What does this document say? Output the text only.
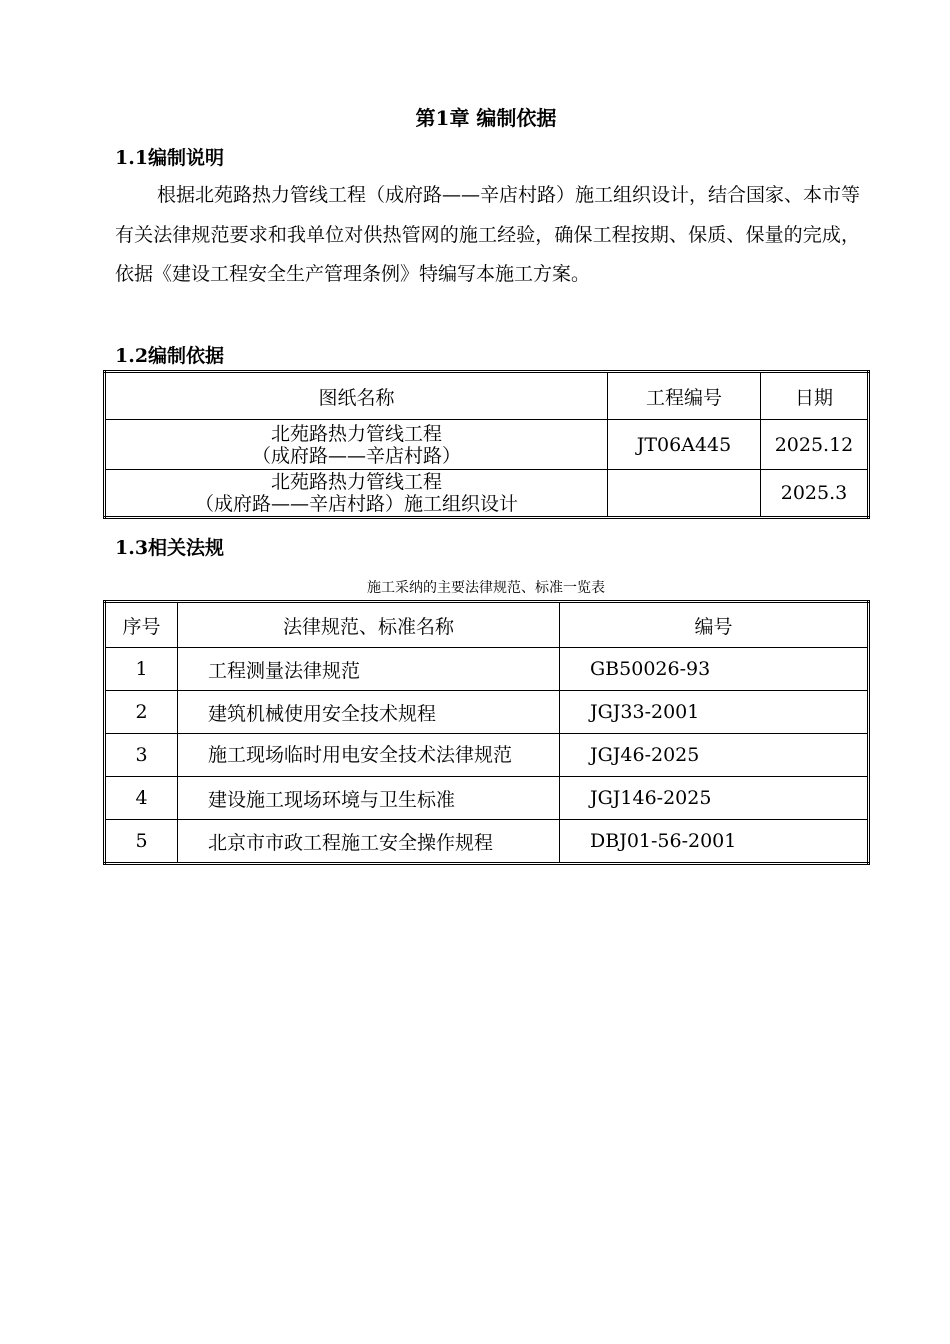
第1章 编制依据
1.1编制说明

根据北苑路热力管线工程（成府路——辛店村路）施工组织设计，结合国家、本市等有关法律规范要求和我单位对供热管网的施工经验，确保工程按期、保质、保量的完成，依据《建设工程安全生产管理条例》特编写本施工方案。

1.2编制依据
图纸名称	工程编号	日期

北苑路热力管线工程
（成府路——辛店村路）	JT06A445	2025.12

北苑路热力管线工程
（成府路——辛店村路）施工组织设计		2025.3
1.3相关法规
施工采纳的主要法律规范、标准一览表
序号	法律规范、标准名称	编号
1	工程测量法律规范	GB50026-93
2	建筑机械使用安全技术规程	JGJ33-2001
3	施工现场临时用电安全技术法律规范	JGJ46-2025
4	建设施工现场环境与卫生标准	JGJ146-2025
5	北京市市政工程施工安全操作规程	DBJ01-56-2001
